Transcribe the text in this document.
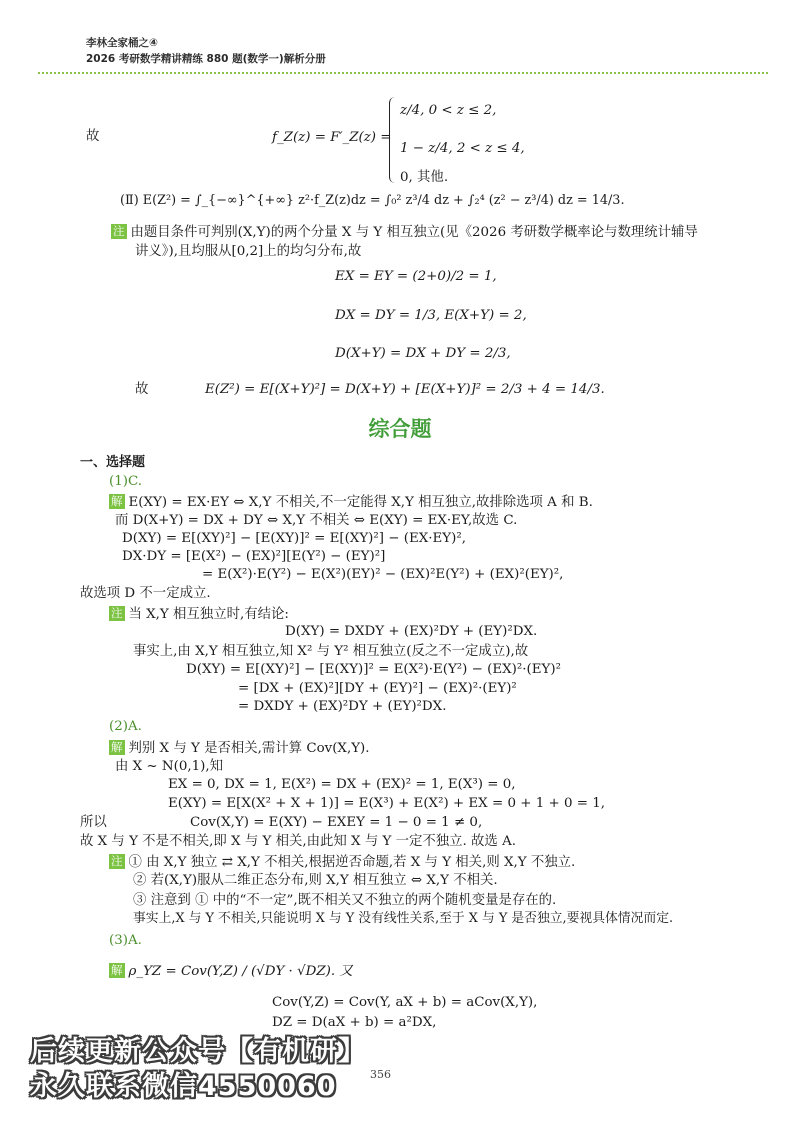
李林全家桶之④
2026 考研数学精讲精练 880 题(数学一)解析分册
故	f_Z(z) = F′_Z(z) =
z/4, 0 < z ≤ 2,
1 − z/4, 2 < z ≤ 4,
0, 其他.
(Ⅱ) E(Z²) = ∫_{−∞}^{+∞} z²·f_Z(z)dz = ∫₀² z³/4 dz + ∫₂⁴ (z² − z³/4) dz = 14/3.
注 由题目条件可判别(X,Y)的两个分量 X 与 Y 相互独立(见《2026 考研数学概率论与数理统计辅导
讲义》),且均服从[0,2]上的均匀分布,故
EX = EY = (2+0)/2 = 1,
DX = DY = 1/3, E(X+Y) = 2,
D(X+Y) = DX + DY = 2/3,
故	E(Z²) = E[(X+Y)²] = D(X+Y) + [E(X+Y)]² = 2/3 + 4 = 14/3.
综合题
一、选择题
(1)C.
解 E(XY) = EX·EY ⇔ X,Y 不相关,不一定能得 X,Y 相互独立,故排除选项 A 和 B.
而 D(X+Y) = DX + DY ⇔ X,Y 不相关 ⇔ E(XY) = EX·EY,故选 C.
D(XY) = E[(XY)²] − [E(XY)]² = E[(XY)²] − (EX·EY)²,
DX·DY = [E(X²) − (EX)²][E(Y²) − (EY)²]
= E(X²)·E(Y²) − E(X²)(EY)² − (EX)²E(Y²) + (EX)²(EY)²,
故选项 D 不一定成立.
注 当 X,Y 相互独立时,有结论:
D(XY) = DXDY + (EX)²DY + (EY)²DX.
事实上,由 X,Y 相互独立,知 X² 与 Y² 相互独立(反之不一定成立),故
D(XY) = E[(XY)²] − [E(XY)]² = E(X²)·E(Y²) − (EX)²·(EY)²
= [DX + (EX)²][DY + (EY)²] − (EX)²·(EY)²
= DXDY + (EX)²DY + (EY)²DX.
(2)A.
解 判别 X 与 Y 是否相关,需计算 Cov(X,Y).
由 X ~ N(0,1),知
EX = 0, DX = 1, E(X²) = DX + (EX)² = 1, E(X³) = 0,
E(XY) = E[X(X² + X + 1)] = E(X³) + E(X²) + EX = 0 + 1 + 0 = 1,
所以	Cov(X,Y) = E(XY) − EXEY = 1 − 0 = 1 ≠ 0,
故 X 与 Y 不是不相关,即 X 与 Y 相关,由此知 X 与 Y 一定不独立. 故选 A.
注 ① 由 X,Y 独立 ⇄ X,Y 不相关,根据逆否命题,若 X 与 Y 相关,则 X,Y 不独立.
② 若(X,Y)服从二维正态分布,则 X,Y 相互独立 ⇔ X,Y 不相关.
③ 注意到 ① 中的“不一定”,既不相关又不独立的两个随机变量是存在的.
事实上,X 与 Y 不相关,只能说明 X 与 Y 没有线性关系,至于 X 与 Y 是否独立,要视具体情况而定.
(3)A.
解 ρ_YZ = Cov(Y,Z) / (√DY · √DZ). 又
Cov(Y,Z) = Cov(Y, aX + b) = aCov(X,Y),
DZ = D(aX + b) = a²DX,
356
后续更新公众号【有机研】
永久联系微信4550060
